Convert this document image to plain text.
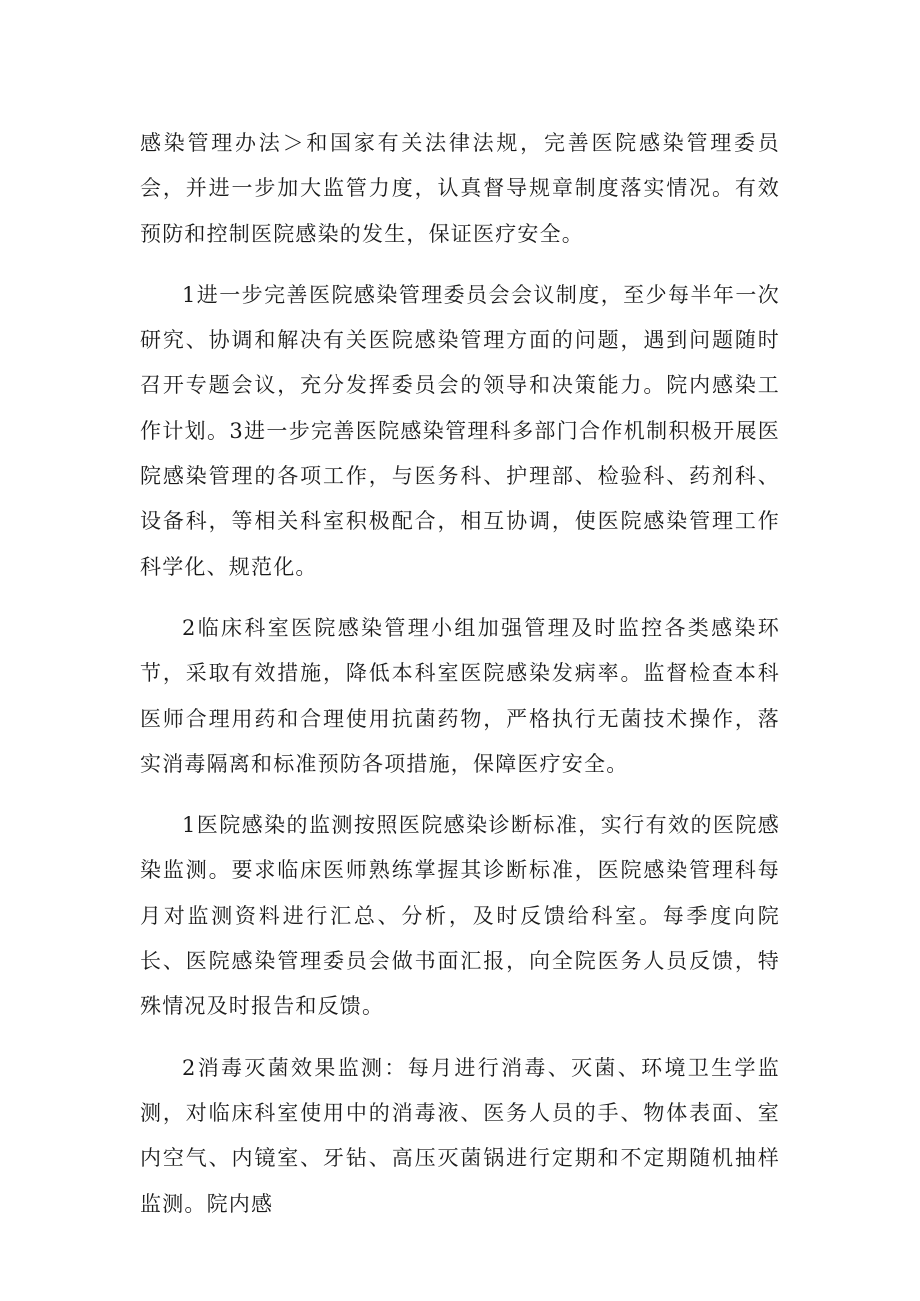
感染管理办法＞和国家有关法律法规，完善医院感染管理委员会，并进一步加大监管力度，认真督导规章制度落实情况。有效预防和控制医院感染的发生，保证医疗安全。

1进一步完善医院感染管理委员会会议制度，至少每半年一次研究、协调和解决有关医院感染管理方面的问题，遇到问题随时召开专题会议，充分发挥委员会的领导和决策能力。院内感染工作计划。3进一步完善医院感染管理科多部门合作机制积极开展医院感染管理的各项工作，与医务科、护理部、检验科、药剂科、设备科，等相关科室积极配合，相互协调，使医院感染管理工作科学化、规范化。

2临床科室医院感染管理小组加强管理及时监控各类感染环节，采取有效措施，降低本科室医院感染发病率。监督检查本科医师合理用药和合理使用抗菌药物，严格执行无菌技术操作，落实消毒隔离和标准预防各项措施，保障医疗安全。

1医院感染的监测按照医院感染诊断标准，实行有效的医院感染监测。要求临床医师熟练掌握其诊断标准，医院感染管理科每月对监测资料进行汇总、分析，及时反馈给科室。每季度向院长、医院感染管理委员会做书面汇报，向全院医务人员反馈，特殊情况及时报告和反馈。

2消毒灭菌效果监测：每月进行消毒、灭菌、环境卫生学监测，对临床科室使用中的消毒液、医务人员的手、物体表面、室内空气、内镜室、牙钻、高压灭菌锅进行定期和不定期随机抽样监测。院内感
